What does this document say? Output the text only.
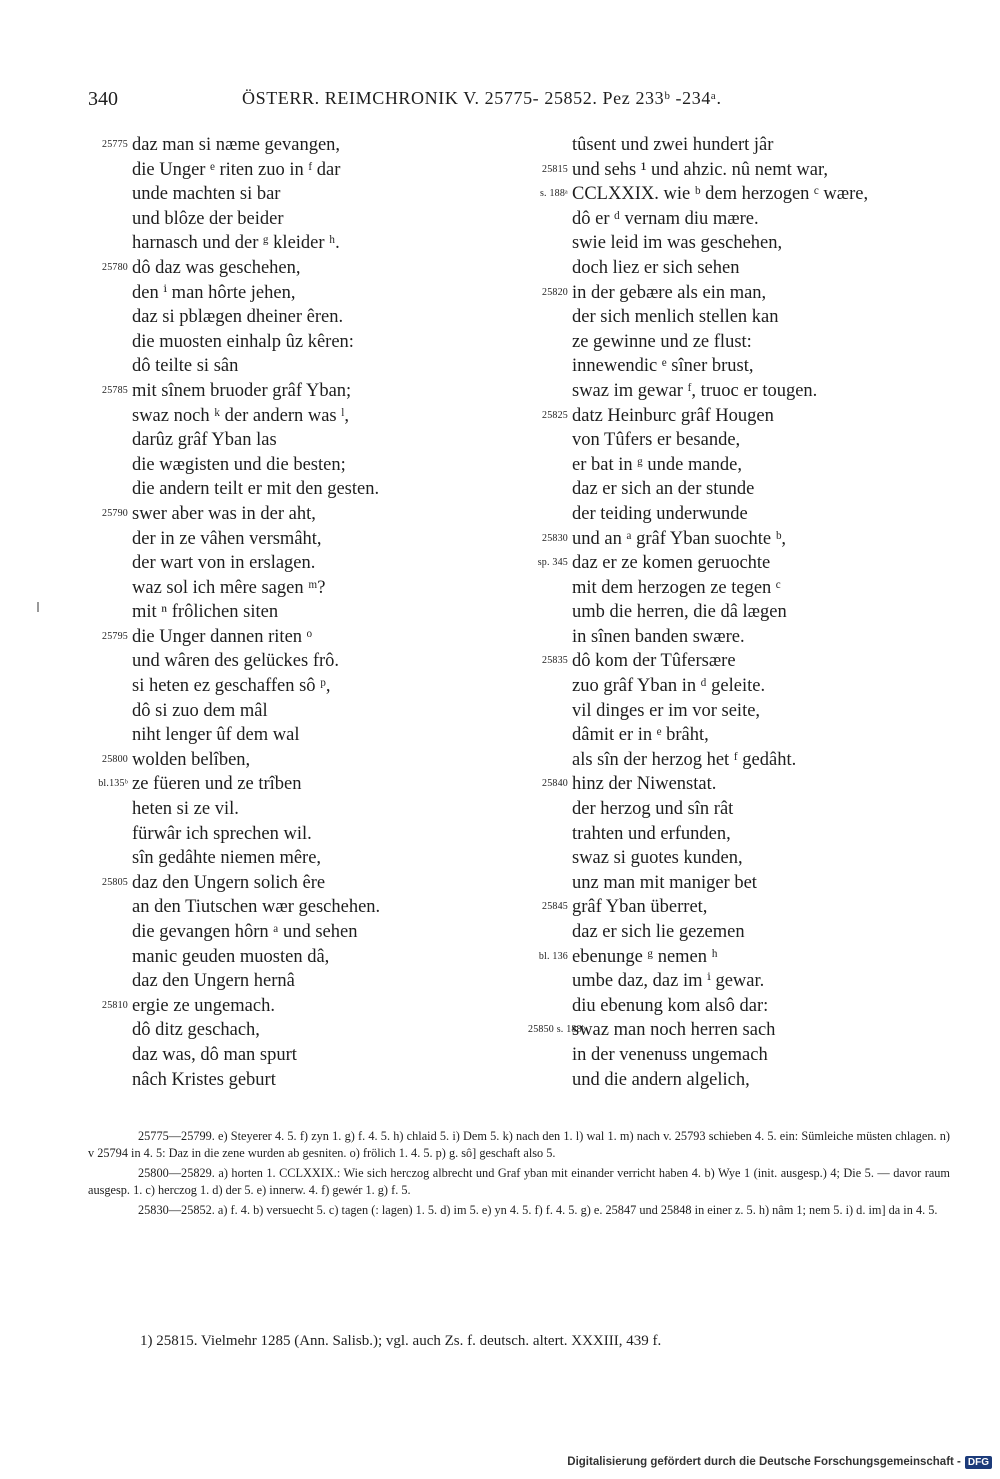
340	ÖSTERR. REIMCHRONIK V. 25775- 25852. Pez 233ᵇ -234ᵃ.
25775 daz man si næme gevangen,
die Unger ᵉ riten zuo in ᶠ dar
unde machten si bar
und blôze der beider
harnasch und der ᵍ kleider ʰ.
25780 dô daz was geschehen,
den ⁱ man hôrte jehen,
daz si pblægen dheiner êren.
die muosten einhalp ûz kêren:
dô teilte si sân
25785 mit sînem bruoder grâf Yban;
swaz noch ᵏ der andern was ˡ,
darûz grâf Yban las
die wægisten und die besten;
die andern teilt er mit den gesten.
25790 swer aber was in der aht,
der in ze vâhen versmâht,
der wart von in erslagen.
waz sol ich mêre sagen ᵐ?
mit ⁿ frôlichen siten
25795 die Unger dannen riten ᵒ
und wâren des gelückes frô.
si heten ez geschaffen sô ᵖ,
dô si zuo dem mâl
niht lenger ûf dem wal
25800 wolden belîben,
bl.135ᵇ ze füeren und ze trîben
heten si ze vil.
fürwâr ich sprechen wil.
sîn gedâhte niemen mêre,
25805 daz den Ungern solich êre
an den Tiutschen wær geschehen.
die gevangen hôrn ᵃ und sehen
manic geuden muosten dâ,
daz den Ungern hernâ
25810 ergie ze ungemach.
dô ditz geschach,
daz was, dô man spurt
nâch Kristes geburt
tûsent und zwei hundert jâr
25815 und sehs ¹ und ahzic. nû nemt war,
s. 188ᵃ CCLXXIX. wie ᵇ dem herzogen ᶜ wære,
dô er ᵈ vernam diu mære.
swie leid im was geschehen,
doch liez er sich sehen
25820 in der gebære als ein man,
der sich menlich stellen kan
ze gewinne und ze flust:
innewendic ᵉ sîner brust,
swaz im gewar ᶠ, truoc er tougen.
25825 datz Heinburc grâf Hougen
von Tûfers er besande,
er bat in ᵍ unde mande,
daz er sich an der stunde
der teiding underwunde
25830 und an ᵃ grâf Yban suochte ᵇ,
sp. 345 daz er ze komen geruochte
mit dem herzogen ze tegen ᶜ
umb die herren, die dâ lægen
in sînen banden swære.
25835 dô kom der Tûfersære
zuo grâf Yban in ᵈ geleite.
vil dinges er im vor seite,
dâmit er in ᵉ brâht,
als sîn der herzog het ᶠ gedâht.
25840 hinz der Niwenstat.
der herzog und sîn rât
trahten und erfunden,
swaz si guotes kunden,
unz man mit maniger bet
25845 grâf Yban überret,
daz er sich lie gezemen
bl. 136 ebenunge ᵍ nemen ʰ
umbe daz, daz im ⁱ gewar.
diu ebenung kom alsô dar:
25850 s. 188ᵇ
swaz man noch herren sach
in der venenuss ungemach
und die andern algelich,

25775—25799. e) Steyerer 4. 5. f) zyn 1. g) f. 4. 5. h) chlaid 5. i) Dem 5. k) nach den 1. l) wal 1. m) nach v. 25793 schieben 4. 5. ein: Sümleiche müsten chlagen. n) v 25794 in 4. 5: Daz in die zene wurden ab gesniten. o) frölich 1. 4. 5. p) g. sô] geschaft also 5.

25800—25829. a) horten 1. CCLXXIX.: Wie sich herczog albrecht und Graf yban mit einander verricht haben 4. b) Wye 1 (init. ausgesp.) 4; Die 5. — davor raum ausgesp. 1. c) herczog 1. d) der 5. e) innerw. 4. f) gewér 1. g) f. 5.

25830—25852. a) f. 4. b) versuecht 5. c) tagen (: lagen) 1. 5. d) im 5. e) yn 4. 5. f) f. 4. 5. g) e. 25847 und 25848 in einer z. 5. h) nâm 1; nem 5. i) d. im] da in 4. 5.

1) 25815. Vielmehr 1285 (Ann. Salisb.); vgl. auch Zs. f. deutsch. altert. XXXIII, 439 f.
Digitalisierung gefördert durch die Deutsche Forschungsgemeinschaft - DFG
